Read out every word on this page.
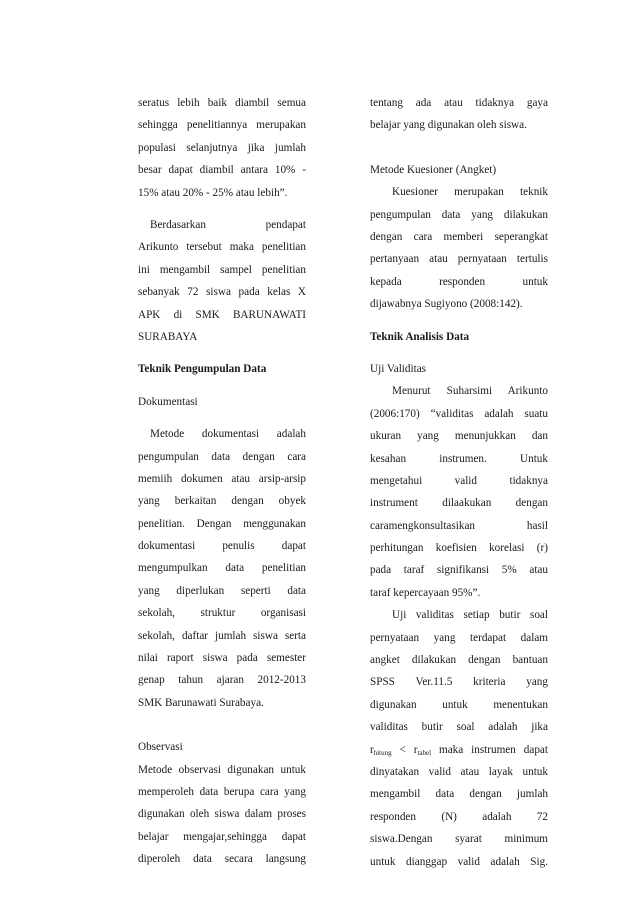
seratus lebih baik diambil semua
sehingga penelitiannya merupakan
populasi selanjutnya jika jumlah
besar dapat diambil antara 10% -
15% atau 20% - 25% atau lebih”.
Berdasarkan pendapat
Arikunto tersebut maka penelitian
ini mengambil sampel penelitian
sebanyak 72 siswa pada kelas X
APK di SMK BARUNAWATI
SURABAYA
Teknik Pengumpulan Data
Dokumentasi
Metode dokumentasi adalah
pengumpulan data dengan cara
memiih dokumen atau arsip-arsip
yang berkaitan dengan obyek
penelitian. Dengan menggunakan
dokumentasi penulis dapat
mengumpulkan data penelitian
yang diperlukan seperti data
sekolah, struktur organisasi
sekolah, daftar jumlah siswa serta
nilai raport siswa pada semester
genap tahun ajaran 2012-2013
SMK Barunawati Surabaya.
Observasi
Metode observasi digunakan untuk
memperoleh data berupa cara yang
digunakan oleh siswa dalam proses
belajar mengajar,sehingga dapat
diperoleh data secara langsung
tentang ada atau tidaknya gaya
belajar yang digunakan oleh siswa.
Metode Kuesioner (Angket)
Kuesioner merupakan teknik
pengumpulan data yang dilakukan
dengan cara memberi seperangkat
pertanyaan atau pernyataan tertulis
kepada responden untuk
dijawabnya Sugiyono (2008:142).
Teknik Analisis Data
Uji Validitas
Menurut Suharsimi Arikunto
(2006:170) “validitas adalah suatu
ukuran yang menunjukkan dan
kesahan instrumen. Untuk
mengetahui valid tidaknya
instrument dilaakukan dengan
caramengkonsultasikan hasil
perhitungan koefisien korelasi (r)
pada taraf signifikansi 5% atau
taraf kepercayaan 95%”.
Uji validitas setiap butir soal
pernyataan yang terdapat dalam
angket dilakukan dengan bantuan
SPSS Ver.11.5 kriteria yang
digunakan untuk menentukan
validitas butir soal adalah jika
$r_{hitung} < r_{tabel}$ maka instrumen dapat
dinyatakan valid atau layak untuk
mengambil data dengan jumlah
responden (N) adalah 72
siswa.Dengan syarat minimum
untuk dianggap valid adalah Sig.
